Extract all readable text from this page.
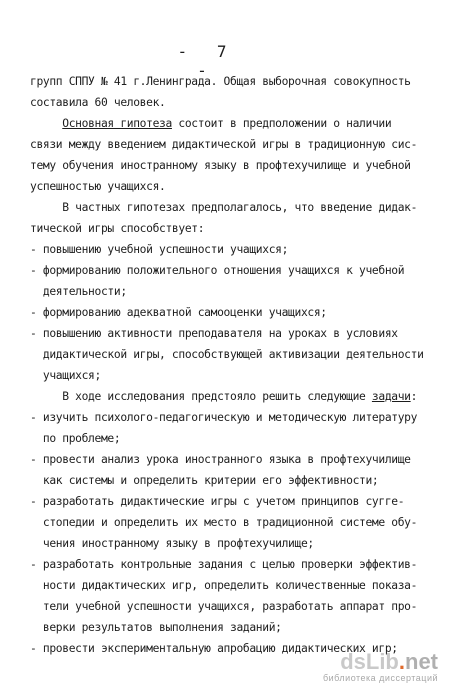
- 7 -
групп СППУ № 41 г.Ленинграда. Общая выборочная совокупность
составила 60 человек.
Основная гипотеза состоит в предположении о наличии
связи между введением дидактической игры в традиционную сис-
тему обучения иностранному языку в профтехучилище и учебной
успешностью учащихся.
В частных гипотезах предполагалось, что введение дидак-
тической игры способствует:
- повышению учебной успешности учащихся;
- формированию положительного отношения учащихся к учебной
деятельности;
- формированию адекватной самооценки учащихся;
- повышению активности преподавателя на уроках в условиях
дидактической игры, способствующей активизации деятельности
учащихся;
В ходе исследования предстояло решить следующие задачи:
- изучить психолого-педагогическую и методическую литературу
по проблеме;
- провести анализ урока иностранного языка в профтехучилище
как системы и определить критерии его эффективности;
- разработать дидактические игры с учетом принципов сугге-
стопедии и определить их место в традиционной системе обу-
чения иностранному языку в профтехучилище;
- разработать контрольные задания с целью проверки эффектив-
ности дидактических игр, определить количественные показа-
тели учебной успешности учащихся, разработать аппарат про-
верки результатов выполнения заданий;
- провести экспериментальную апробацию дидактических игр;
dsLib.net
библиотека диссертаций
